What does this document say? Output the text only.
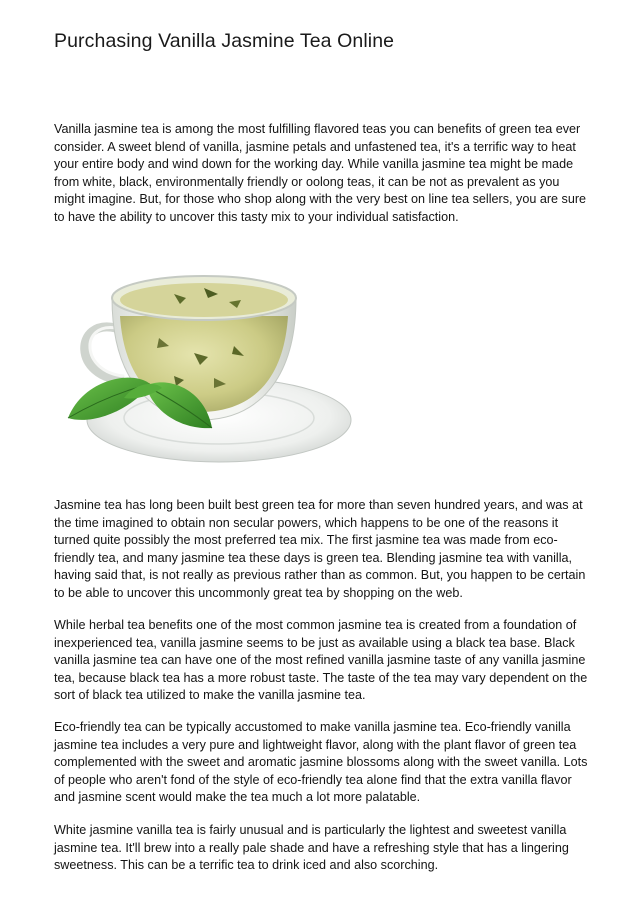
Purchasing Vanilla Jasmine Tea Online

Vanilla jasmine tea is among the most fulfilling flavored teas you can benefits of green tea ever consider. A sweet blend of vanilla, jasmine petals and unfastened tea, it's a terrific way to heat your entire body and wind down for the working day. While vanilla jasmine tea might be made from white, black, environmentally friendly or oolong teas, it can be not as prevalent as you might imagine. But, for those who shop along with the very best on line tea sellers, you are sure to have the ability to uncover this tasty mix to your individual satisfaction.

Jasmine tea has long been built best green tea for more than seven hundred years, and was at the time imagined to obtain non secular powers, which happens to be one of the reasons it turned quite possibly the most preferred tea mix. The first jasmine tea was made from eco-friendly tea, and many jasmine tea these days is green tea. Blending jasmine tea with vanilla, having said that, is not really as previous rather than as common. But, you happen to be certain to be able to uncover this uncommonly great tea by shopping on the web.

While herbal tea benefits one of the most common jasmine tea is created from a foundation of inexperienced tea, vanilla jasmine seems to be just as available using a black tea base. Black vanilla jasmine tea can have one of the most refined vanilla jasmine taste of any vanilla jasmine tea, because black tea has a more robust taste. The taste of the tea may vary dependent on the sort of black tea utilized to make the vanilla jasmine tea.

Eco-friendly tea can be typically accustomed to make vanilla jasmine tea. Eco-friendly vanilla jasmine tea includes a very pure and lightweight flavor, along with the plant flavor of green tea complemented with the sweet and aromatic jasmine blossoms along with the sweet vanilla. Lots of people who aren't fond of the style of eco-friendly tea alone find that the extra vanilla flavor and jasmine scent would make the tea much a lot more palatable.

White jasmine vanilla tea is fairly unusual and is particularly the lightest and sweetest vanilla jasmine tea. It'll brew into a really pale shade and have a refreshing style that has a lingering sweetness. This can be a terrific tea to drink iced and also scorching.
